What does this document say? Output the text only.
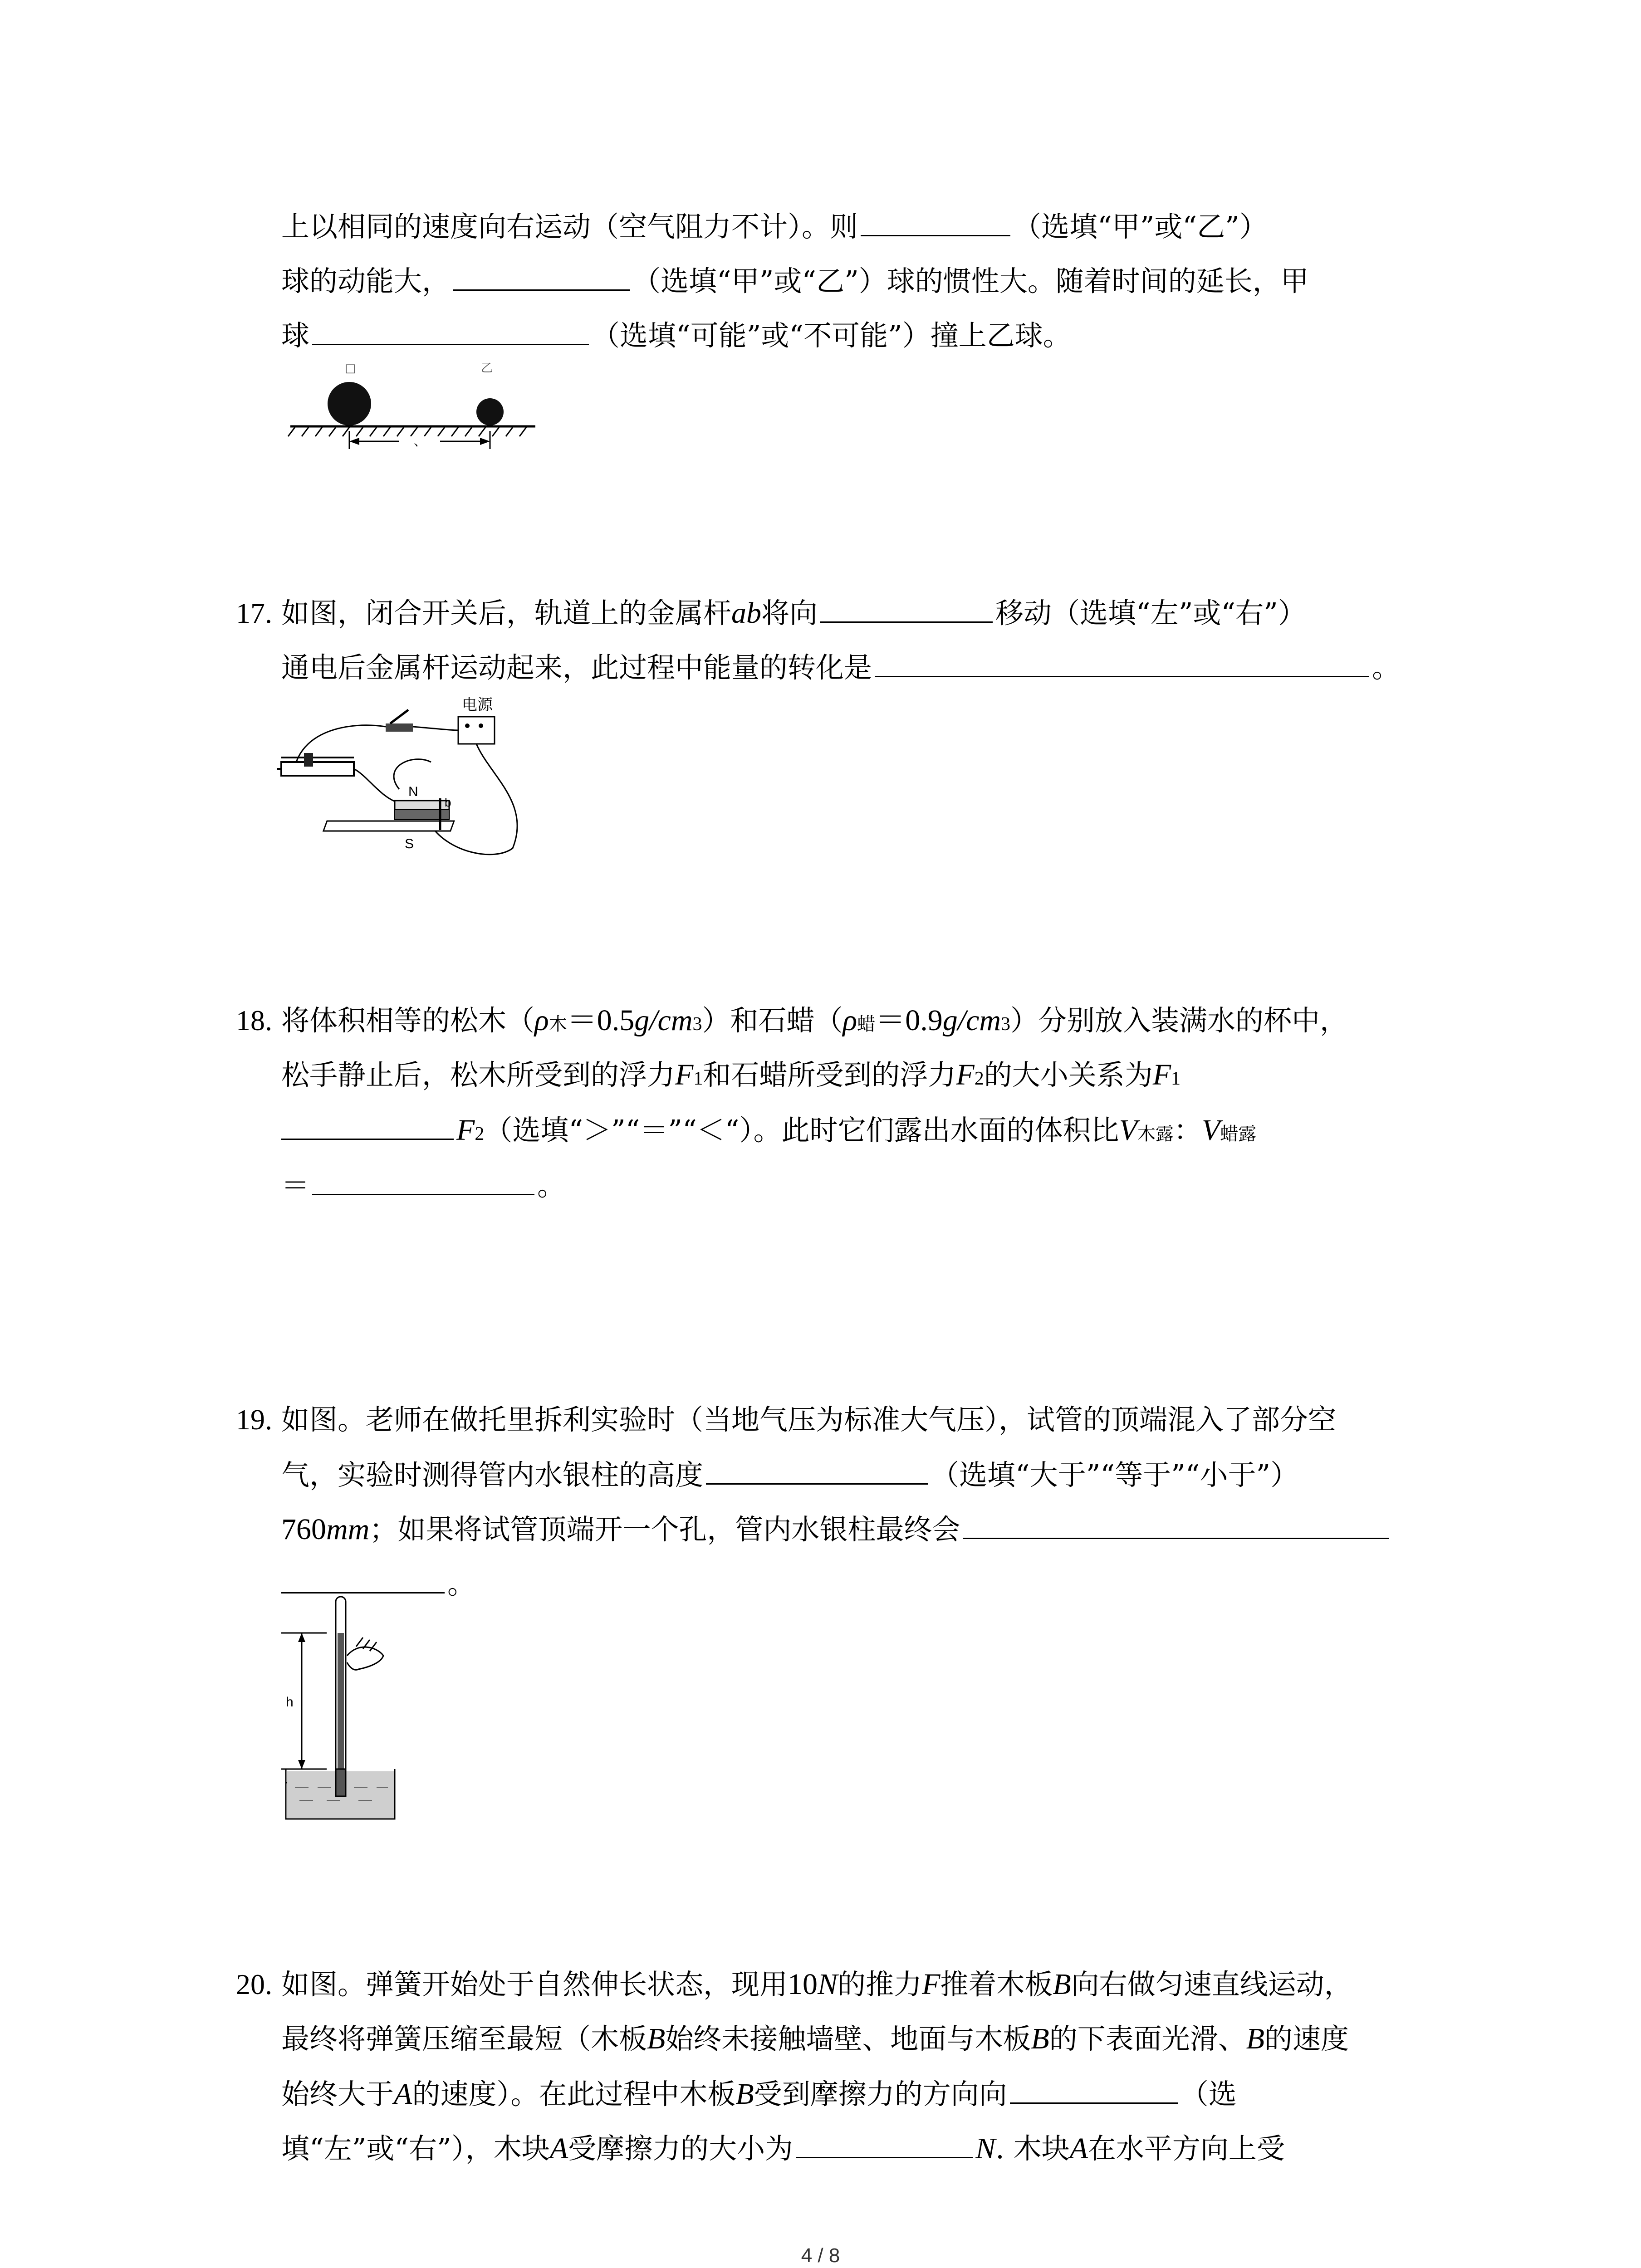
上以相同的速度向右运动（空气阻力不计）。则	（选填“甲”或“乙”）
球的动能大，	（选填“甲”或“乙”）球的惯性大。随着时间的延长，甲
球	（选填“可能”或“不可能”）撞上乙球。
□	乙
、
17. 如图，闭合开关后，轨道上的金属杆 ab 将向	移动（选填“左”或“右”）
通电后金属杆运动起来，此过程中能量的转化是	。
电源
N
b
S
18. 将体积相等的松木（ ρ 木 ＝0.5 g / cm 3 ）和石蜡（ ρ 蜡 ＝0.9 g / cm 3 ）分别放入装满水的杯中，
松手静止后，松木所受到的浮力 F 1 和石蜡所受到的浮力 F 2 的大小关系为 F 1
F 2 （选填“＞”“＝”“＜“）。此时它们露出水面的体积比 V 木露 ： V 蜡露
＝	。
19. 如图。老师在做托里拆利实验时（当地气压为标准大气压），试管的顶端混入了部分空
气，实验时测得管内水银柱的高度	（选填“大于”“等于”“小于”）
760 mm ；如果将试管顶端开一个孔，管内水银柱最终会
。
h
20. 如图。弹簧开始处于自然伸长状态，现用 10 N 的推力 F 推着木板 B 向右做匀速直线运动，
最终将弹簧压缩至最短（木板 B 始终未接触墙壁、地面与木板 B 的下表面光滑、 B 的速度
始终大于 A 的速度）。在此过程中木板 B 受到摩擦力的方向向	（选
填“左”或“右”），木块 A 受摩擦力的大小为	N . 木块 A 在水平方向上受
4 / 8
